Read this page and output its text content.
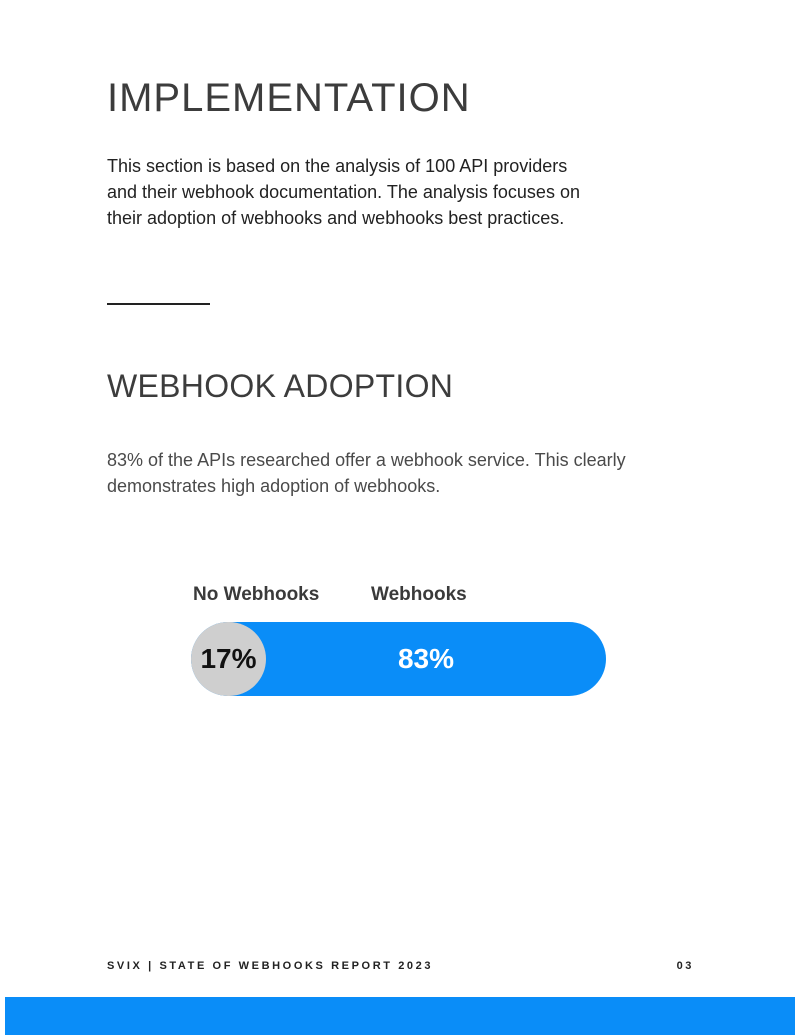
IMPLEMENTATION

This section is based on the analysis of 100 API providers and their webhook documentation. The analysis focuses on their adoption of webhooks and webhooks best practices.

WEBHOOK ADOPTION

83% of the APIs researched offer a webhook service. This clearly demonstrates high adoption of webhooks.

No Webhooks	Webhooks
17%	83%
SVIX | STATE OF WEBHOOKS REPORT 2023	03
